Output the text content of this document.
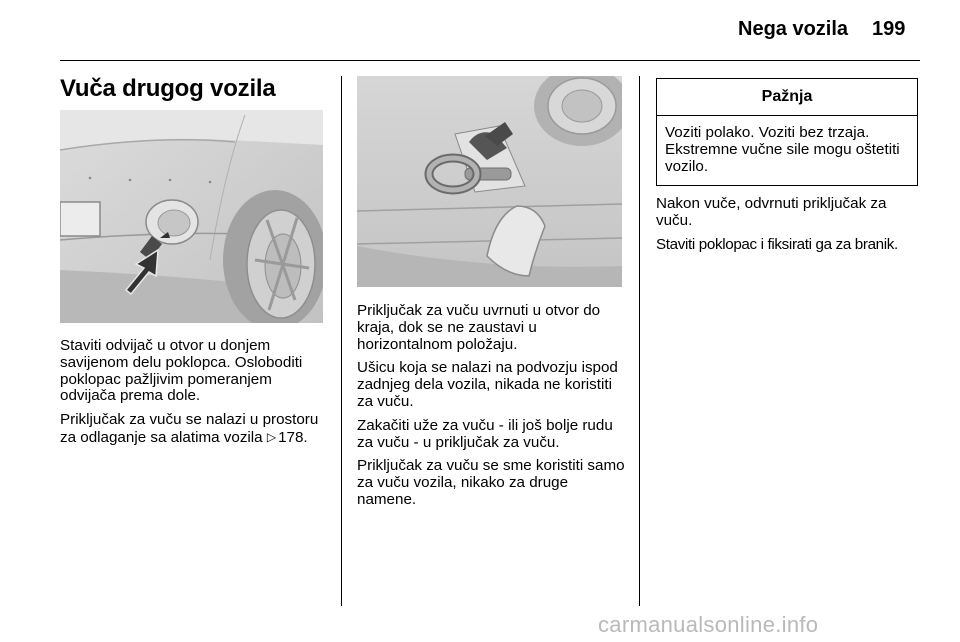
Nega vozila 199
Vuča drugog vozila

Staviti odvijač u otvor u donjem savijenom delu poklopca. Osloboditi poklopac pažljivim pomeranjem odvijača prema dole.

Priključak za vuču se nalazi u prostoru za odlaganje sa alatima vozila ▷ 178.

Priključak za vuču uvrnuti u otvor do kraja, dok se ne zaustavi u horizontalnom položaju.

Ušicu koja se nalazi na podvozju ispod zadnjeg dela vozila, nikada ne koristiti za vuču.

Zakačiti uže za vuču - ili još bolje rudu za vuču - u priključak za vuču.

Priključak za vuču se sme koristiti samo za vuču vozila, nikako za druge namene.

Pažnja
Voziti polako. Voziti bez trzaja. Ekstremne vučne sile mogu oštetiti vozilo.

Nakon vuče, odvrnuti priključak za vuču.

Staviti poklopac i fiksirati ga za branik.

carmanualsonline.info
